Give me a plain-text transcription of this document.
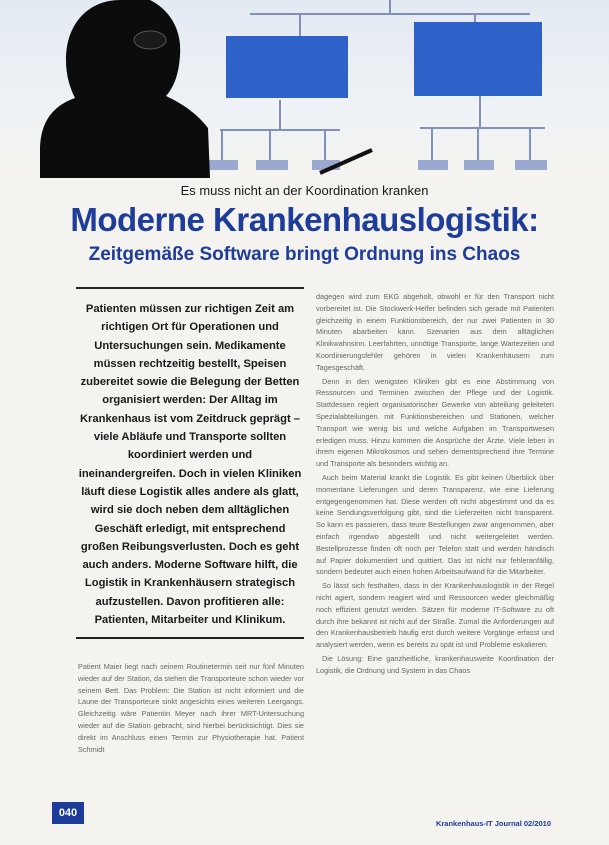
Es muss nicht an der Koordination kranken
Moderne Krankenhauslogistik:
Zeitgemäße Software bringt Ordnung ins Chaos
Patienten müssen zur richtigen Zeit am richtigen Ort für Operationen und Untersuchungen sein. Medikamente müssen rechtzeitig bestellt, Speisen zubereitet sowie die Belegung der Betten organisiert werden: Der Alltag im Krankenhaus ist vom Zeitdruck geprägt – viele Abläufe und Transporte sollten koordiniert werden und ineinandergreifen. Doch in vielen Kliniken läuft diese Logistik alles andere als glatt, wird sie doch neben dem alltäglichen Geschäft erledigt, mit entsprechend großen Reibungsverlusten. Doch es geht auch anders. Moderne Software hilft, die Logistik in Krankenhäusern strategisch aufzustellen. Davon profitieren alle: Patienten, Mitarbeiter und Klinikum.

Patient Maier liegt nach seinem Routinetermin seit nur fünf Minuten wieder auf der Station, da stehen die Transporteure schon wieder vor seinem Bett. Das Problem: Die Station ist nicht informiert und die Laune der Transporteure sinkt angesichts eines weiteren Leergangs. Gleichzeitig wäre Patientin Meyer nach ihrer MRT-Untersuchung wieder auf die Station gebracht, sind hierbei berücksichtigt. Dies sie direkt im Anschluss einen Termin zur Physiotherapie hat. Patient Schmidt

dagegen wird zum EKG abgeholt, obwohl er für den Transport nicht vorbereitet ist. Die Stockwerk-Helfer befinden sich gerade mit Patienten gleichzeitig in einem Funktionsbereich, der nur zwei Patienten in 30 Minuten abarbeiten kann. Szenarien aus dem alltäglichen Klinikwahnsinn. Leerfahrten, unnötige Transporte, lange Wartezeiten und Koordinierungsfehler gehören in vielen Krankenhäusern zum Tagesgeschäft.

Denn in den wenigsten Kliniken gibt es eine Abstimmung von Ressourcen und Terminen zwischen der Pflege und der Logistik. Stattdessen regiert organisatorischer Gewerke von abteilung geleiteten Spezialabteilungen mit Funktionsbereichen und Stationen, welcher Transport wie wenig bis und welche Aufgaben im Transportwesen erledigen muss. Hinzu kommen die Ansprüche der Ärzte. Viele leben in ihrem eigenen Mikrokosmos und sehen dementsprechend ihre Termine und Transporte als besonders wichtig an.

Auch beim Material krankt die Logistik. Es gibt keinen Überblick über momentane Lieferungen und deren Transparenz, wie eine Lieferung entgegengenommen hat. Diese werden oft nicht abgestimmt und da es keine Sendungsverfolgung gibt, sind die Lieferzeiten nicht transparent. So kann es passieren, dass teure Bestellungen zwar angenommen, aber einfach irgendwo abgestellt und nicht weitergeleitet werden. Bestellprozesse finden oft noch per Telefon statt und werden händisch auf Papier dokumentiert und quittiert. Das ist nicht nur fehleranfällig, sondern bedeutet auch einen hohen Arbeitsaufwand für die Mitarbeiter.

So lässt sich festhalten, dass in der Krankenhauslogistik in der Regel nicht agiert, sondern reagiert wird und Ressourcen weder gleichmäßig noch effizient genutzt werden. Sätzen für moderne IT-Software zu oft durch ihre bekannt ist nicht auf der Straße. Zumal die Anforderungen auf den Krankenhausbetrieb häufig erst durch weitere Vorgänge erfasst und analysiert werden, wenn es bereits zu spät ist und Probleme eskalieren.

Die Lösung: Eine ganzheitliche, krankenhausweite Koordination der Logistik, die Ordnung und System in das Chaos

040
Krankenhaus-IT Journal 02/2010
